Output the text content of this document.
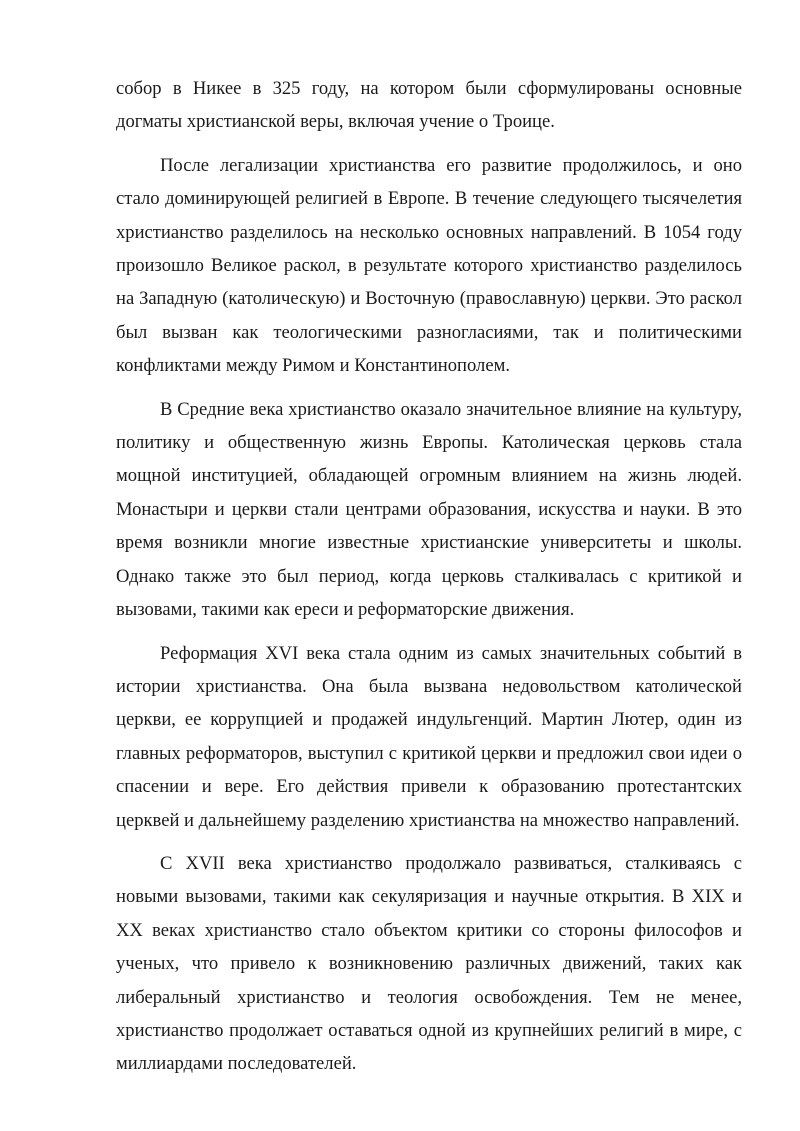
собор в Никее в 325 году, на котором были сформулированы основные догматы христианской веры, включая учение о Троице.

После легализации христианства его развитие продолжилось, и оно стало доминирующей религией в Европе. В течение следующего тысячелетия христианство разделилось на несколько основных направлений. В 1054 году произошло Великое раскол, в результате которого христианство разделилось на Западную (католическую) и Восточную (православную) церкви. Это раскол был вызван как теологическими разногласиями, так и политическими конфликтами между Римом и Константинополем.

В Средние века христианство оказало значительное влияние на культуру, политику и общественную жизнь Европы. Католическая церковь стала мощной институцией, обладающей огромным влиянием на жизнь людей. Монастыри и церкви стали центрами образования, искусства и науки. В это время возникли многие известные христианские университеты и школы. Однако также это был период, когда церковь сталкивалась с критикой и вызовами, такими как ереси и реформаторские движения.

Реформация XVI века стала одним из самых значительных событий в истории христианства. Она была вызвана недовольством католической церкви, ее коррупцией и продажей индульгенций. Мартин Лютер, один из главных реформаторов, выступил с критикой церкви и предложил свои идеи о спасении и вере. Его действия привели к образованию протестантских церквей и дальнейшему разделению христианства на множество направлений.

С XVII века христианство продолжало развиваться, сталкиваясь с новыми вызовами, такими как секуляризация и научные открытия. В XIX и XX веках христианство стало объектом критики со стороны философов и ученых, что привело к возникновению различных движений, таких как либеральный христианство и теология освобождения. Тем не менее, христианство продолжает оставаться одной из крупнейших религий в мире, с миллиардами последователей.
